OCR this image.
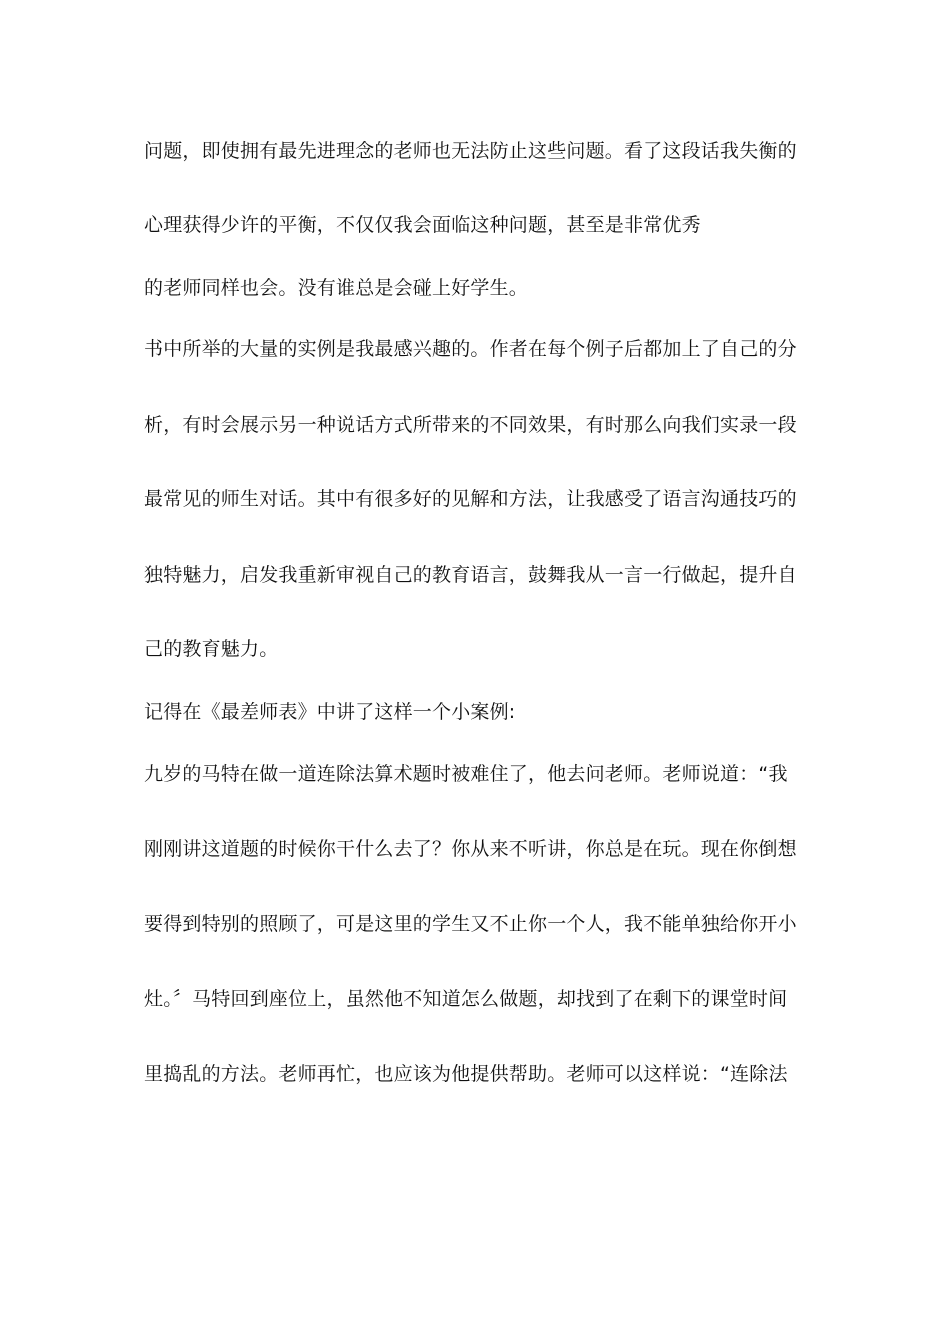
问题，即使拥有最先进理念的老师也无法防止这些问题。看了这段话我失衡的
心理获得少许的平衡，不仅仅我会面临这种问题，甚至是非常优秀
的老师同样也会。没有谁总是会碰上好学生。
书中所举的大量的实例是我最感兴趣的。作者在每个例子后都加上了自己的分
析，有时会展示另一种说话方式所带来的不同效果，有时那么向我们实录一段
最常见的师生对话。其中有很多好的见解和方法，让我感受了语言沟通技巧的
独特魅力，启发我重新审视自己的教育语言，鼓舞我从一言一行做起，提升自
己的教育魅力。
记得在《最差师表》中讲了这样一个小案例:
九岁的马特在做一道连除法算术题时被难住了，他去问老师。老师说道：“我
刚刚讲这道题的时候你干什么去了？你从来不听讲，你总是在玩。现在你倒想
要得到特别的照顾了，可是这里的学生又不止你一个人，我不能单独给你开小
灶。〞马特回到座位上，虽然他不知道怎么做题，却找到了在剩下的课堂时间
里捣乱的方法。老师再忙，也应该为他提供帮助。老师可以这样说：“连除法
